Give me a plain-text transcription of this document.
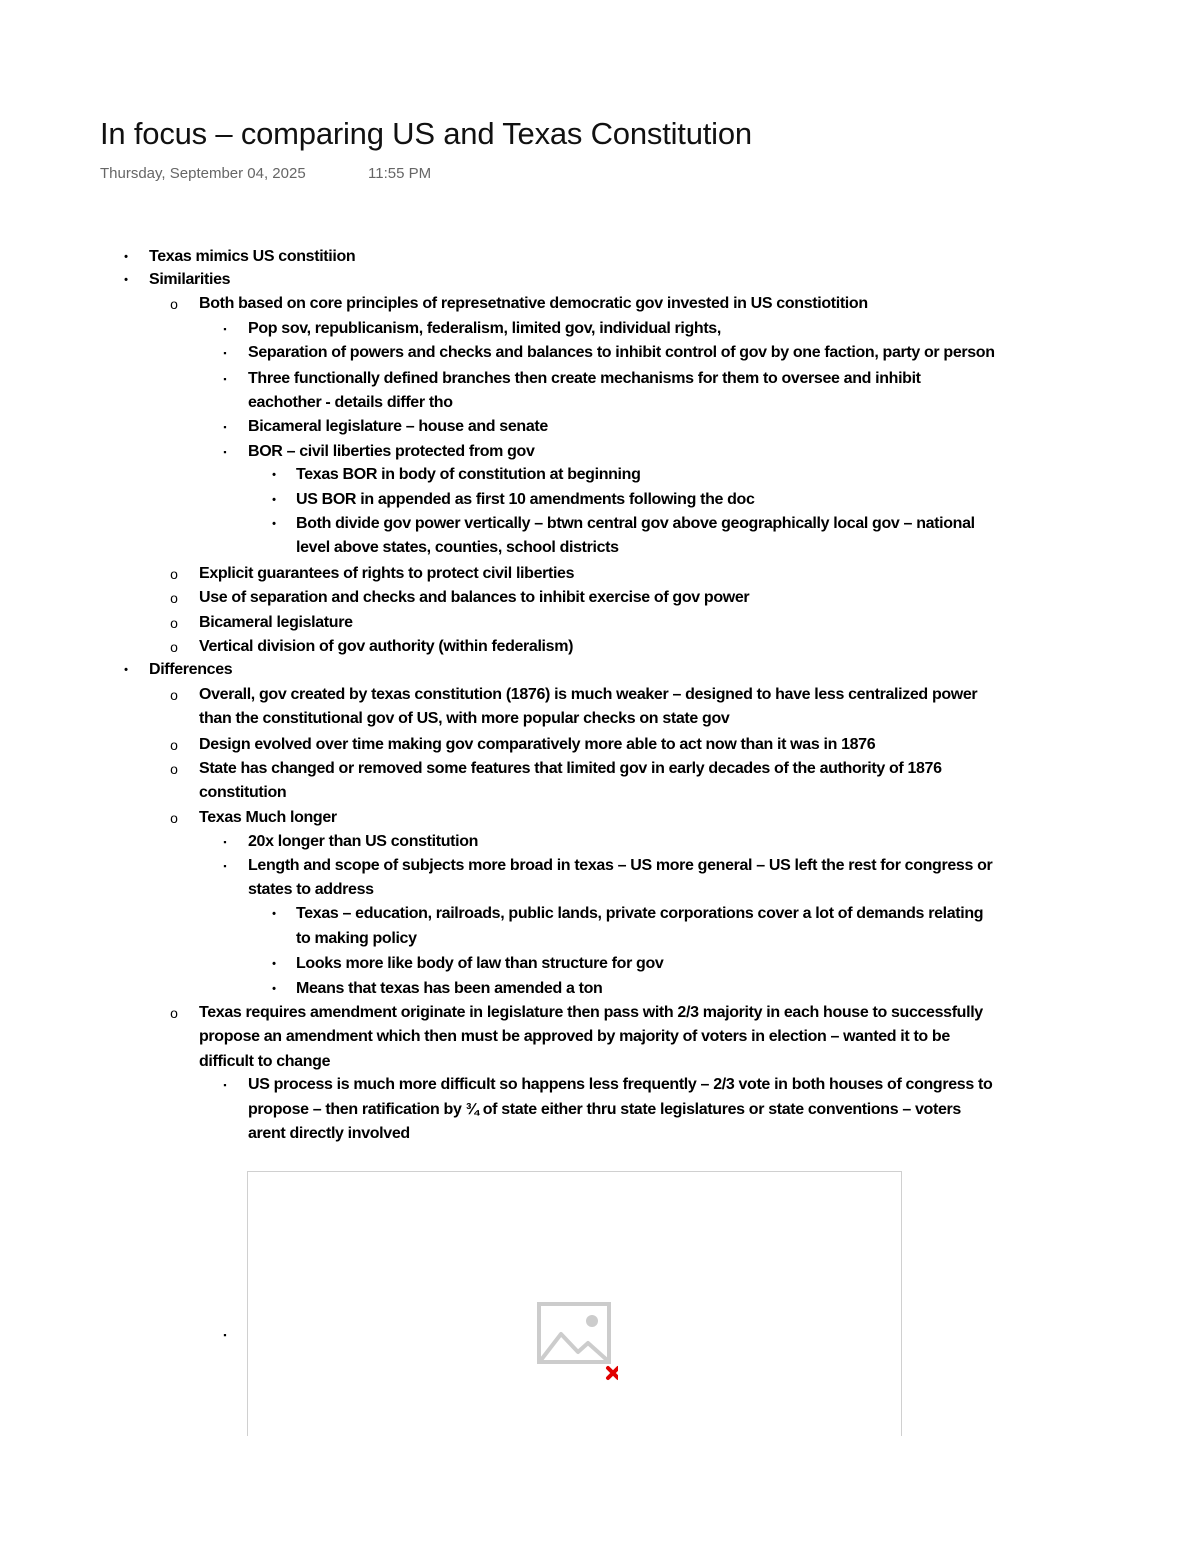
In focus – comparing US and Texas Constitution
Thursday, September 04, 2025	11:55 PM
• Texas mimics US constitiion
• Similarities
o Both based on core principles of represetnative democratic gov invested in US constiotition
▪ Pop sov, republicanism, federalism, limited gov, individual rights,
▪ Separation of powers and checks and balances to inhibit control of gov by one faction, party or person
▪ Three functionally defined branches then create mechanisms for them to oversee and inhibit
eachother - details differ tho
▪ Bicameral legislature – house and senate
▪ BOR – civil liberties protected from gov
• Texas BOR in body of constitution at beginning
• US BOR in appended as first 10 amendments following the doc
• Both divide gov power vertically – btwn central gov above geographically local gov – national
level above states, counties, school districts
o Explicit guarantees of rights to protect civil liberties
o Use of separation and checks and balances to inhibit exercise of gov power
o Bicameral legislature
o Vertical division of gov authority (within federalism)
• Differences
o Overall, gov created by texas constitution (1876) is much weaker – designed to have less centralized power
than the constitutional gov of US, with more popular checks on state gov
o Design evolved over time making gov comparatively more able to act now than it was in 1876
o State has changed or removed some features that limited gov in early decades of the authority of 1876
constitution
o Texas Much longer
▪ 20x longer than US constitution
▪ Length and scope of subjects more broad in texas – US more general – US left the rest for congress or
states to address
• Texas – education, railroads, public lands, private corporations cover a lot of demands relating
to making policy
• Looks more like body of law than structure for gov
• Means that texas has been amended a ton
o Texas requires amendment originate in legislature then pass with 2/3 majority in each house to successfully
propose an amendment which then must be approved by majority of voters in election – wanted it to be
difficult to change
▪ US process is much more difficult so happens less frequently – 2/3 vote in both houses of congress to
propose – then ratification by ¾ of state either thru state legislatures or state conventions – voters
arent directly involved
▪
